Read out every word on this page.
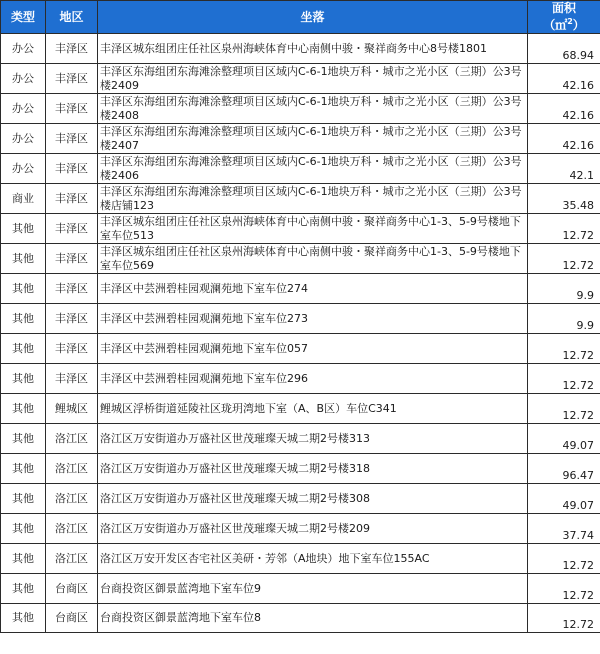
类型	地区	坐落	面积
（㎡$^2$）
办公	丰泽区	丰泽区城东组团庄任社区泉州海峡体育中心南侧中骏・聚祥商务中心8号楼1801	68.94
办公	丰泽区	丰泽区东海组团东海滩涂整理项目区域内C-6-1地块万科・城市之光小区（三期）公3号楼2409	42.16
办公	丰泽区	丰泽区东海组团东海滩涂整理项目区域内C-6-1地块万科・城市之光小区（三期）公3号楼2408	42.16
办公	丰泽区	丰泽区东海组团东海滩涂整理项目区域内C-6-1地块万科・城市之光小区（三期）公3号楼2407	42.16
办公	丰泽区	丰泽区东海组团东海滩涂整理项目区域内C-6-1地块万科・城市之光小区（三期）公3号楼2406	42.1
商业	丰泽区	丰泽区东海组团东海滩涂整理项目区域内C-6-1地块万科・城市之光小区（三期）公3号楼店铺123	35.48
其他	丰泽区	丰泽区城东组团庄任社区泉州海峡体育中心南侧中骏・聚祥商务中心1-3、5-9号楼地下室车位513	12.72
其他	丰泽区	丰泽区城东组团庄任社区泉州海峡体育中心南侧中骏・聚祥商务中心1-3、5-9号楼地下室车位569	12.72
其他	丰泽区	丰泽区中芸洲碧桂园观澜苑地下室车位274	9.9
其他	丰泽区	丰泽区中芸洲碧桂园观澜苑地下室车位273	9.9
其他	丰泽区	丰泽区中芸洲碧桂园观澜苑地下室车位057	12.72
其他	丰泽区	丰泽区中芸洲碧桂园观澜苑地下室车位296	12.72
其他	鲤城区	鲤城区浮桥街道延陵社区珑玥湾地下室（A、B区）车位C341	12.72
其他	洛江区	洛江区万安街道办万盛社区世茂璀璨天城二期2号楼313	49.07
其他	洛江区	洛江区万安街道办万盛社区世茂璀璨天城二期2号楼318	96.47
其他	洛江区	洛江区万安街道办万盛社区世茂璀璨天城二期2号楼308	49.07
其他	洛江区	洛江区万安街道办万盛社区世茂璀璨天城二期2号楼209	37.74
其他	洛江区	洛江区万安开发区杏宅社区美研・芳邻（A地块）地下室车位155AC	12.72
其他	台商区	台商投资区御景蓝湾地下室车位9	12.72
其他	台商区	台商投资区御景蓝湾地下室车位8	12.72
